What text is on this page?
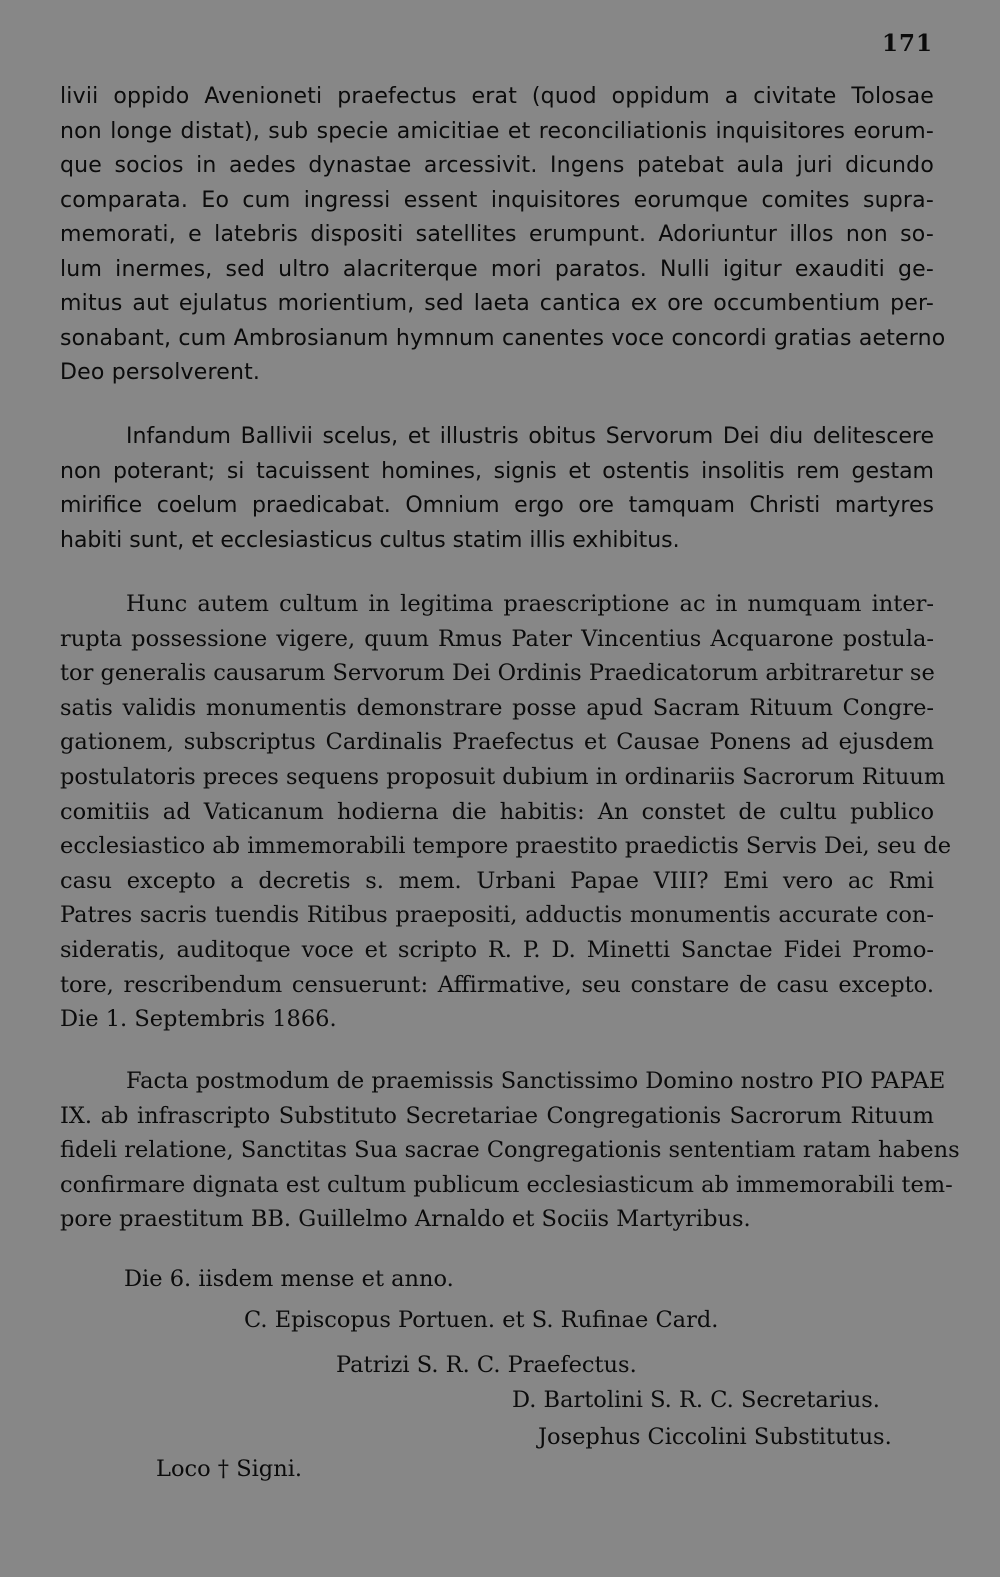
171
livii oppido Avenioneti praefectus erat (quod oppidum a civitate Tolosae
non longe distat), sub specie amicitiae et reconciliationis inquisitores eorum-
que socios in aedes dynastae arcessivit. Ingens patebat aula juri dicundo
comparata. Eo cum ingressi essent inquisitores eorumque comites supra-
memorati, e latebris dispositi satellites erumpunt. Adoriuntur illos non so-
lum inermes, sed ultro alacriterque mori paratos. Nulli igitur exauditi ge-
mitus aut ejulatus morientium, sed laeta cantica ex ore occumbentium per-
sonabant, cum Ambrosianum hymnum canentes voce concordi gratias aeterno
Deo persolverent.
Infandum Ballivii scelus, et illustris obitus Servorum Dei diu delitescere
non poterant; si tacuissent homines, signis et ostentis insolitis rem gestam
mirifice coelum praedicabat. Omnium ergo ore tamquam Christi martyres
habiti sunt, et ecclesiasticus cultus statim illis exhibitus.
Hunc autem cultum in legitima praescriptione ac in numquam inter-
rupta possessione vigere, quum Rmus Pater Vincentius Acquarone postula-
tor generalis causarum Servorum Dei Ordinis Praedicatorum arbitraretur se
satis validis monumentis demonstrare posse apud Sacram Rituum Congre-
gationem, subscriptus Cardinalis Praefectus et Causae Ponens ad ejusdem
postulatoris preces sequens proposuit dubium in ordinariis Sacrorum Rituum
comitiis ad Vaticanum hodierna die habitis: An constet de cultu publico
ecclesiastico ab immemorabili tempore praestito praedictis Servis Dei, seu de
casu excepto a decretis s. mem. Urbani Papae VIII? Emi vero ac Rmi
Patres sacris tuendis Ritibus praepositi, adductis monumentis accurate con-
sideratis, auditoque voce et scripto R. P. D. Minetti Sanctae Fidei Promo-
tore, rescribendum censuerunt: Affirmative, seu constare de casu excepto.
Die 1. Septembris 1866.
Facta postmodum de praemissis Sanctissimo Domino nostro PIO PAPAE
IX. ab infrascripto Substituto Secretariae Congregationis Sacrorum Rituum
fideli relatione, Sanctitas Sua sacrae Congregationis sententiam ratam habens
confirmare dignata est cultum publicum ecclesiasticum ab immemorabili tem-
pore praestitum BB. Guillelmo Arnaldo et Sociis Martyribus.

Die 6. iisdem mense et anno.

C. Episcopus Portuen. et S. Rufinae Card.

Patrizi S. R. C. Praefectus.

D. Bartolini S. R. C. Secretarius.

Josephus Ciccolini Substitutus.

Loco † Signi.
